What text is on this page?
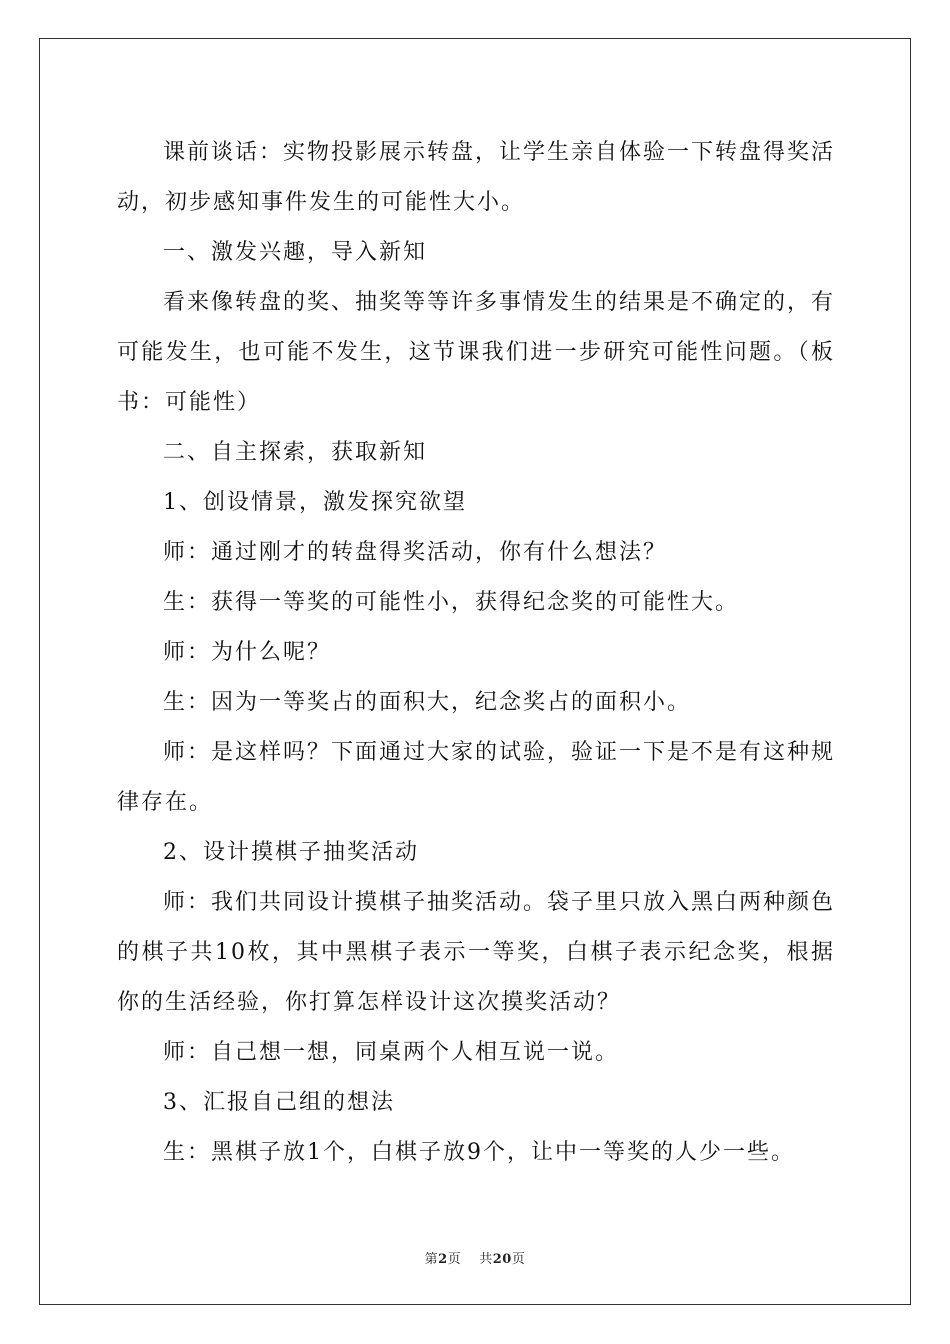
课前谈话：实物投影展示转盘，让学生亲自体验一下转盘得奖活动，初步感知事件发生的可能性大小。

一、激发兴趣，导入新知

看来像转盘的奖、抽奖等等许多事情发生的结果是不确定的，有可能发生，也可能不发生，这节课我们进一步研究可能性问题。（板书：可能性）

二、自主探索，获取新知

1、创设情景，激发探究欲望

师：通过刚才的转盘得奖活动，你有什么想法？

生：获得一等奖的可能性小，获得纪念奖的可能性大。

师：为什么呢？

生：因为一等奖占的面积大，纪念奖占的面积小。

师：是这样吗？下面通过大家的试验，验证一下是不是有这种规律存在。

2、设计摸棋子抽奖活动

师：我们共同设计摸棋子抽奖活动。袋子里只放入黑白两种颜色的棋子共10枚，其中黑棋子表示一等奖，白棋子表示纪念奖，根据你的生活经验，你打算怎样设计这次摸奖活动？

师：自己想一想，同桌两个人相互说一说。

3、汇报自己组的想法

生：黑棋子放1个，白棋子放9个，让中一等奖的人少一些。

第2页 共20页
